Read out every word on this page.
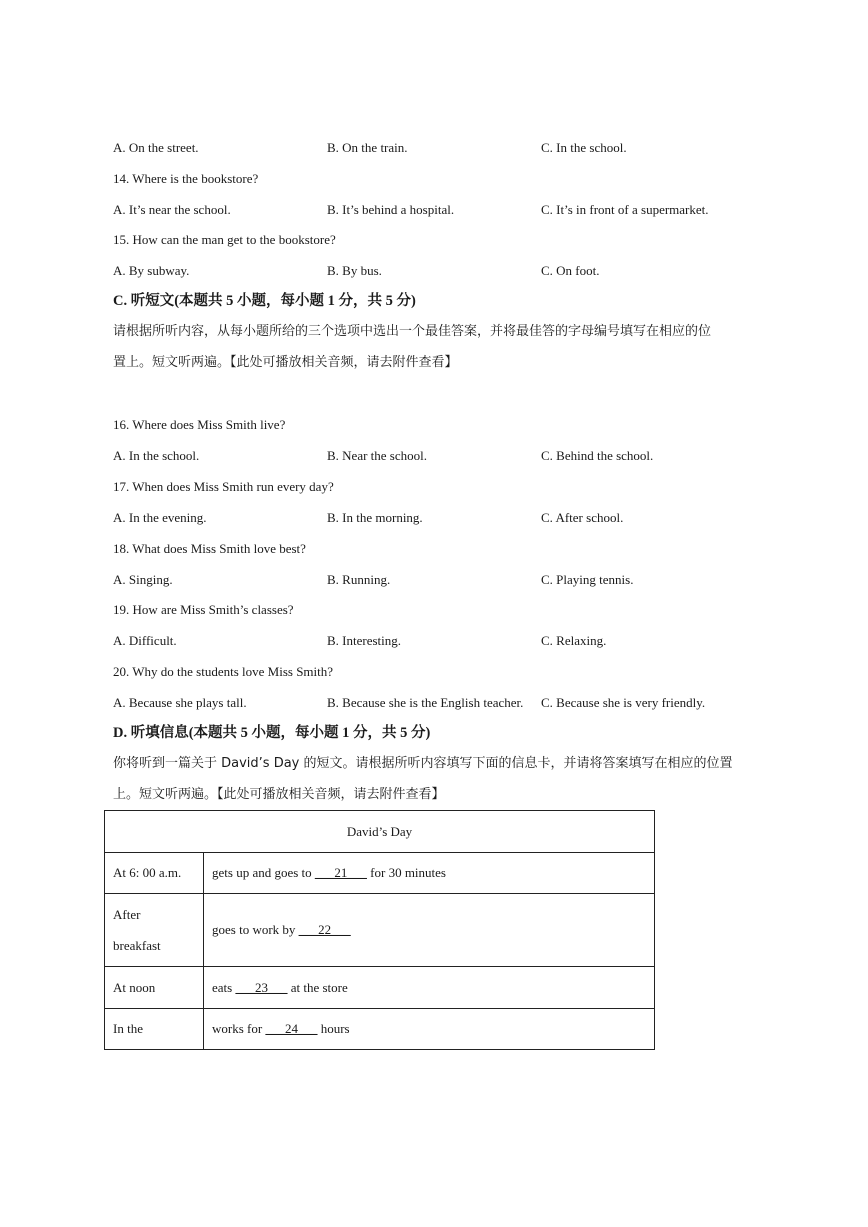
A. On the street.	B. On the train.	C. In the school.
14. Where is the bookstore?
A. It’s near the school.	B. It’s behind a hospital.	C. It’s in front of a supermarket.
15. How can the man get to the bookstore?
A. By subway.	B. By bus.	C. On foot.
C. 听短文(本题共 5 小题，每小题 1 分，共 5 分)
请根据所听内容，从每小题所给的三个选项中选出一个最佳答案，并将最佳答的字母编号填写在相应的位
置上。短文听两遍。【此处可播放相关音频，请去附件查看】
16. Where does Miss Smith live?
A. In the school.	B. Near the school.	C. Behind the school.
17. When does Miss Smith run every day?
A. In the evening.	B. In the morning.	C. After school.
18. What does Miss Smith love best?
A. Singing.	B. Running.	C. Playing tennis.
19. How are Miss Smith’s classes?
A. Difficult.	B. Interesting.	C. Relaxing.
20. Why do the students love Miss Smith?
A. Because she plays tall.	B. Because she is the English teacher. C. Because she is very friendly.
D. 听填信息(本题共 5 小题，每小题 1 分，共 5 分)
你将听到一篇关于 David’s Day 的短文。请根据所听内容填写下面的信息卡，并请将答案填写在相应的位置
上。短文听两遍。【此处可播放相关音频，请去附件查看】
David’s Day	
At 6: 00 a.m.	gets up and goes to ___21___ for 30 minutes
After
breakfast	goes to work by ___22___
At noon	eats ___23___ at the store
In the	works for ___24___ hours
